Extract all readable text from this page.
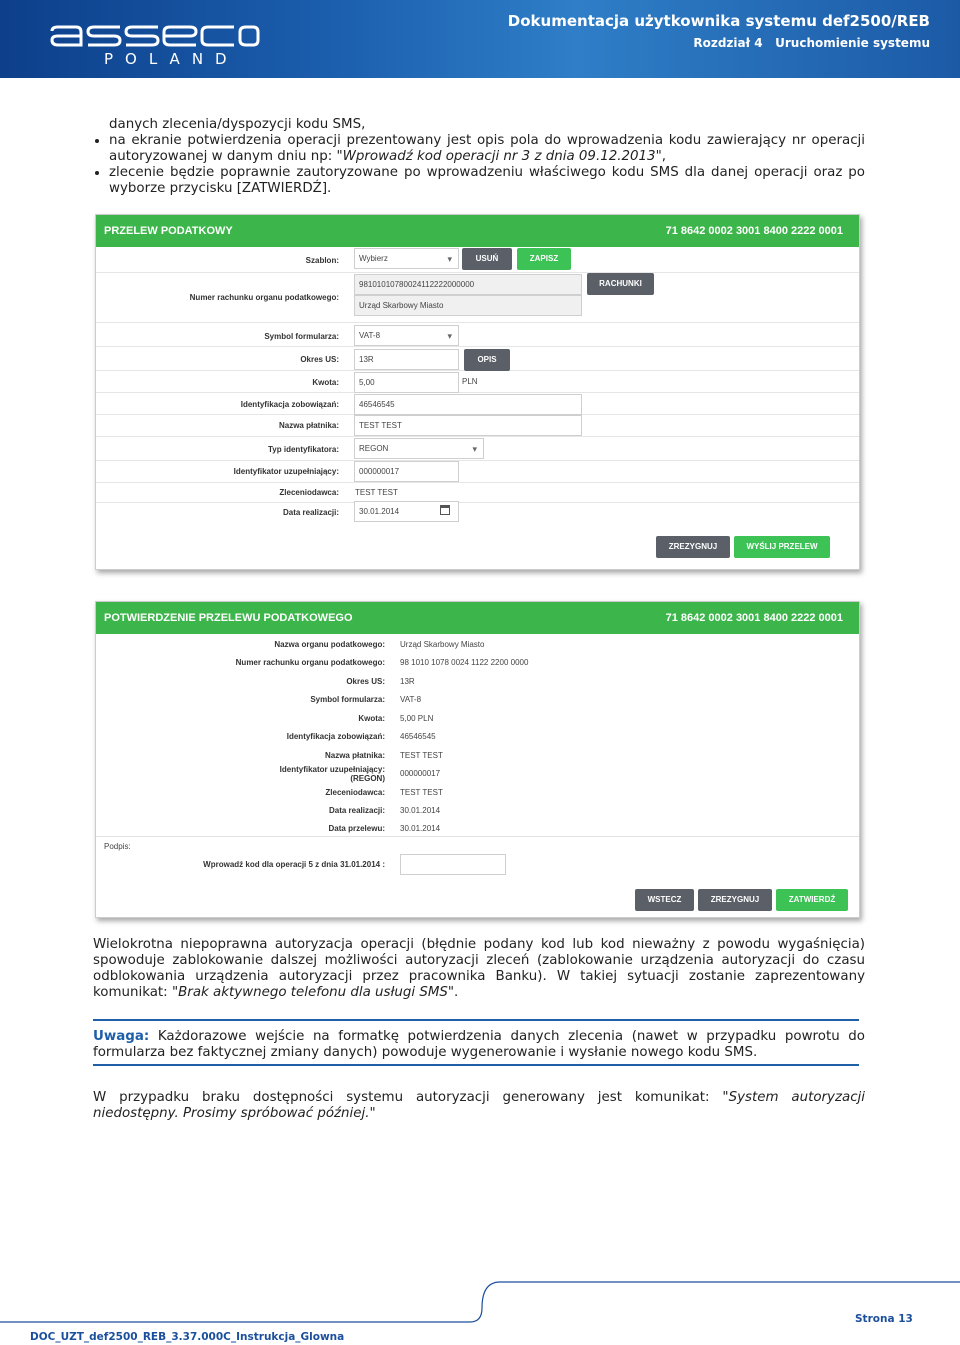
POLAND
Dokumentacja użytkownika systemu def2500/REB
Rozdział 4 Uruchomienie systemu
danych zlecenia/dyspozycji kodu SMS,
• na ekranie potwierdzenia operacji prezentowany jest opis pola do wprowadzenia kodu zawierający nr operacji autoryzowanej w danym dniu np: "Wprowadź kod operacji nr 3 z dnia 09.12.2013",
• zlecenie będzie poprawnie zautoryzowane po wprowadzeniu właściwego kodu SMS dla danej operacji oraz po wyborze przycisku [ZATWIERDŹ].
PRZELEW PODATKOWY	71 8642 0002 3001 8400 2222 0001
Szablon:	Wybierz ▾	USUŃ	ZAPISZ
Numer rachunku organu podatkowego:
98101010780024112222000000
Urząd Skarbowy Miasto
RACHUNKI
Symbol formularza:	VAT-8 ▾
Okres US:	13R	OPIS
Kwota:	5,00	PLN
Identyfikacja zobowiązań:	46546545
Nazwa płatnika:	TEST TEST
Typ identyfikatora:	REGON ▾
Identyfikator uzupełniający:	000000017
Zleceniodawca: TEST TEST
Data realizacji:	30.01.2014
ZREZYGNUJ	WYŚLIJ PRZELEW
POTWIERDZENIE PRZELEWU PODATKOWEGO	71 8642 0002 3001 8400 2222 0001
Nazwa organu podatkowego: Urząd Skarbowy Miasto
Numer rachunku organu podatkowego: 98 1010 1078 0024 1122 2200 0000
Okres US: 13R
Symbol formularza: VAT-8
Kwota: 5,00 PLN
Identyfikacja zobowiązań: 46546545
Nazwa płatnika: TEST TEST
Identyfikator uzupełniający:
(REGON)
000000017
Zleceniodawca: TEST TEST
Data realizacji: 30.01.2014
Data przelewu: 30.01.2014
Podpis:
Wprowadź kod dla operacji 5 z dnia 31.01.2014 :
WSTECZ	ZREZYGNUJ	ZATWIERDŹ
Wielokrotna niepoprawna autoryzacja operacji (błędnie podany kod lub kod nieważny z powodu wygaśnięcia) spowoduje zablokowanie dalszej możliwości autoryzacji zleceń (zablokowanie urządzenia autoryzacji do czasu odblokowania urządzenia autoryzacji przez pracownika Banku). W takiej sytuacji zostanie zaprezentowany komunikat: "Brak aktywnego telefonu dla usługi SMS".
Uwaga: Każdorazowe wejście na formatkę potwierdzenia danych zlecenia (nawet w przypadku powrotu do formularza bez faktycznej zmiany danych) powoduje wygenerowanie i wysłanie nowego kodu SMS.
W przypadku braku dostępności systemu autoryzacji generowany jest komunikat: "System autoryzacji niedostępny. Prosimy spróbować później."
DOC_UZT_def2500_REB_3.37.000C_Instrukcja_Glowna
Strona 13
